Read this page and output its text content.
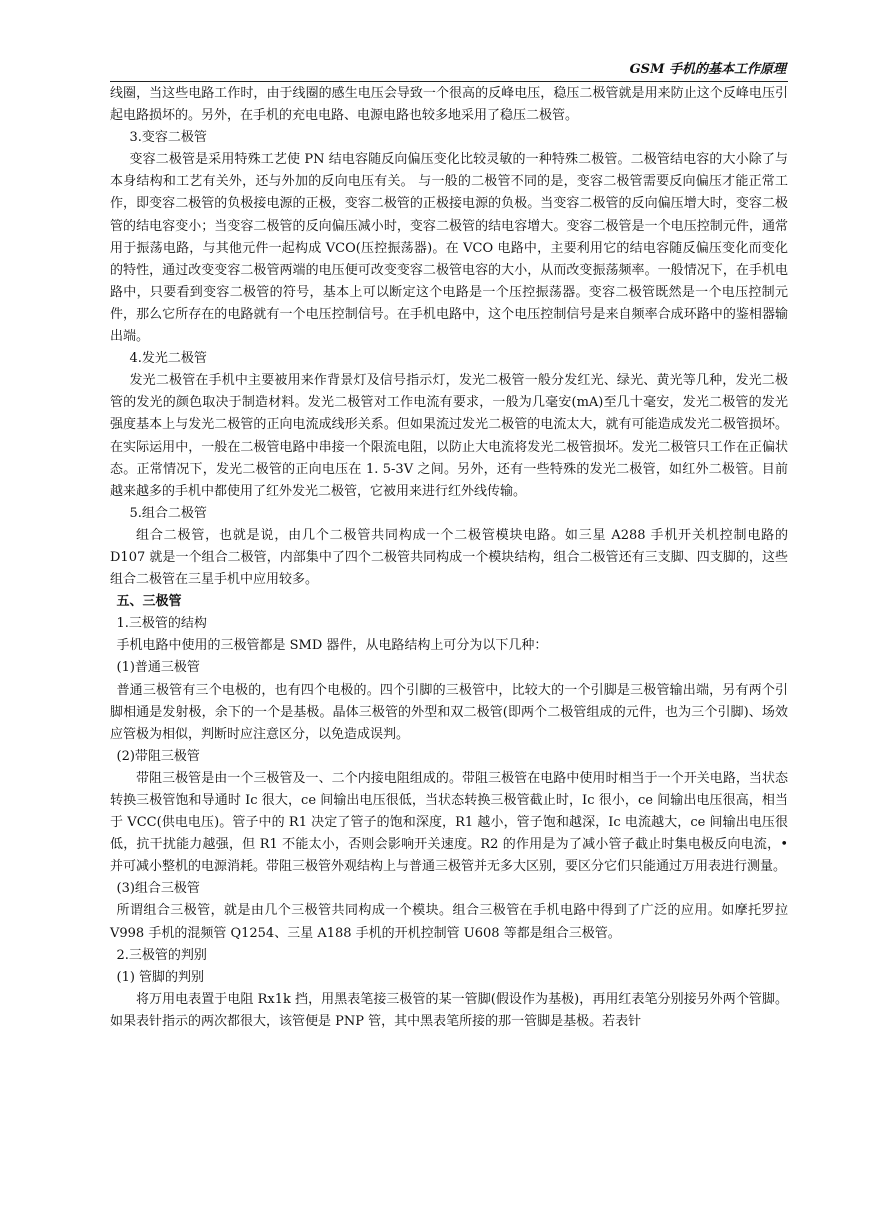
GSM 手机的基本工作原理

线圈，当这些电路工作时，由于线圈的感生电压会导致一个很高的反峰电压，稳压二极管就是用来防止这个反峰电压引起电路损坏的。另外，在手机的充电电路、电源电路也较多地采用了稳压二极管。

3.变容二极管

变容二极管是采用特殊工艺使 PN 结电容随反向偏压变化比较灵敏的一种特殊二极管。二极管结电容的大小除了与本身结构和工艺有关外，还与外加的反向电压有关。 与一般的二极管不同的是，变容二极管需要反向偏压才能正常工作，即变容二极管的负极接电源的正极，变容二极管的正极接电源的负极。当变容二极管的反向偏压增大时，变容二极管的结电容变小；当变容二极管的反向偏压减小时，变容二极管的结电容增大。变容二极管是一个电压控制元件，通常用于振荡电路，与其他元件一起构成 VCO(压控振荡器)。在 VCO 电路中，主要利用它的结电容随反偏压变化而变化的特性，通过改变变容二极管两端的电压便可改变变容二极管电容的大小，从而改变振荡频率。一般情况下，在手机电路中，只要看到变容二极管的符号，基本上可以断定这个电路是一个压控振荡器。变容二极管既然是一个电压控制元件，那么它所存在的电路就有一个电压控制信号。在手机电路中，这个电压控制信号是来自频率合成环路中的鉴相器输出端。

4.发光二极管

发光二极管在手机中主要被用来作背景灯及信号指示灯，发光二极管一般分发红光、绿光、黄光等几种，发光二极管的发光的颜色取决于制造材料。发光二极管对工作电流有要求，一般为几毫安(mA)至几十毫安，发光二极管的发光强度基本上与发光二极管的正向电流成线形关系。但如果流过发光二极管的电流太大，就有可能造成发光二极管损坏。在实际运用中，一般在二极管电路中串接一个限流电阻，以防止大电流将发光二极管损坏。发光二极管只工作在正偏状态。正常情况下，发光二极管的正向电压在 1. 5-3V 之间。另外，还有一些特殊的发光二极管，如红外二极管。目前越来越多的手机中都使用了红外发光二极管，它被用来进行红外线传输。

5.组合二极管

组合二极管，也就是说，由几个二极管共同构成一个二极管模块电路。如三星 A288 手机开关机控制电路的 D107 就是一个组合二极管，内部集中了四个二极管共同构成一个模块结构，组合二极管还有三支脚、四支脚的，这些组合二极管在三星手机中应用较多。

五、三极管

1.三极管的结构

手机电路中使用的三极管都是 SMD 器件，从电路结构上可分为以下几种：

(1)普通三极管

普通三极管有三个电极的，也有四个电极的。四个引脚的三极管中，比较大的一个引脚是三极管输出端，另有两个引脚相通是发射极，余下的一个是基极。晶体三极管的外型和双二极管(即两个二极管组成的元件，也为三个引脚)、场效应管极为相似，判断时应注意区分，以免造成误判。

(2)带阻三极管

带阻三极管是由一个三极管及一、二个内接电阻组成的。带阻三极管在电路中使用时相当于一个开关电路，当状态转换三极管饱和导通时 Ic 很大，ce 间输出电压很低，当状态转换三极管截止时，Ic 很小，ce 间输出电压很高，相当于 VCC(供电电压)。管子中的 R1 决定了管子的饱和深度，R1 越小，管子饱和越深，Ic 电流越大，ce 间输出电压很低，抗干扰能力越强，但 R1 不能太小，否则会影响开关速度。R2 的作用是为了减小管子截止时集电极反向电流，• 并可减小整机的电源消耗。带阻三极管外观结构上与普通三极管并无多大区别，要区分它们只能通过万用表进行测量。

(3)组合三极管

所谓组合三极管，就是由几个三极管共同构成一个模块。组合三极管在手机电路中得到了广泛的应用。如摩托罗拉 V998 手机的混频管 Q1254、三星 A188 手机的开机控制管 U608 等都是组合三极管。

2.三极管的判别

(1) 管脚的判别

将万用电表置于电阻 Rx1k 挡，用黑表笔接三极管的某一管脚(假设作为基极)，再用红表笔分别接另外两个管脚。如果表针指示的两次都很大，该管便是 PNP 管，其中黑表笔所接的那一管脚是基极。若表针
